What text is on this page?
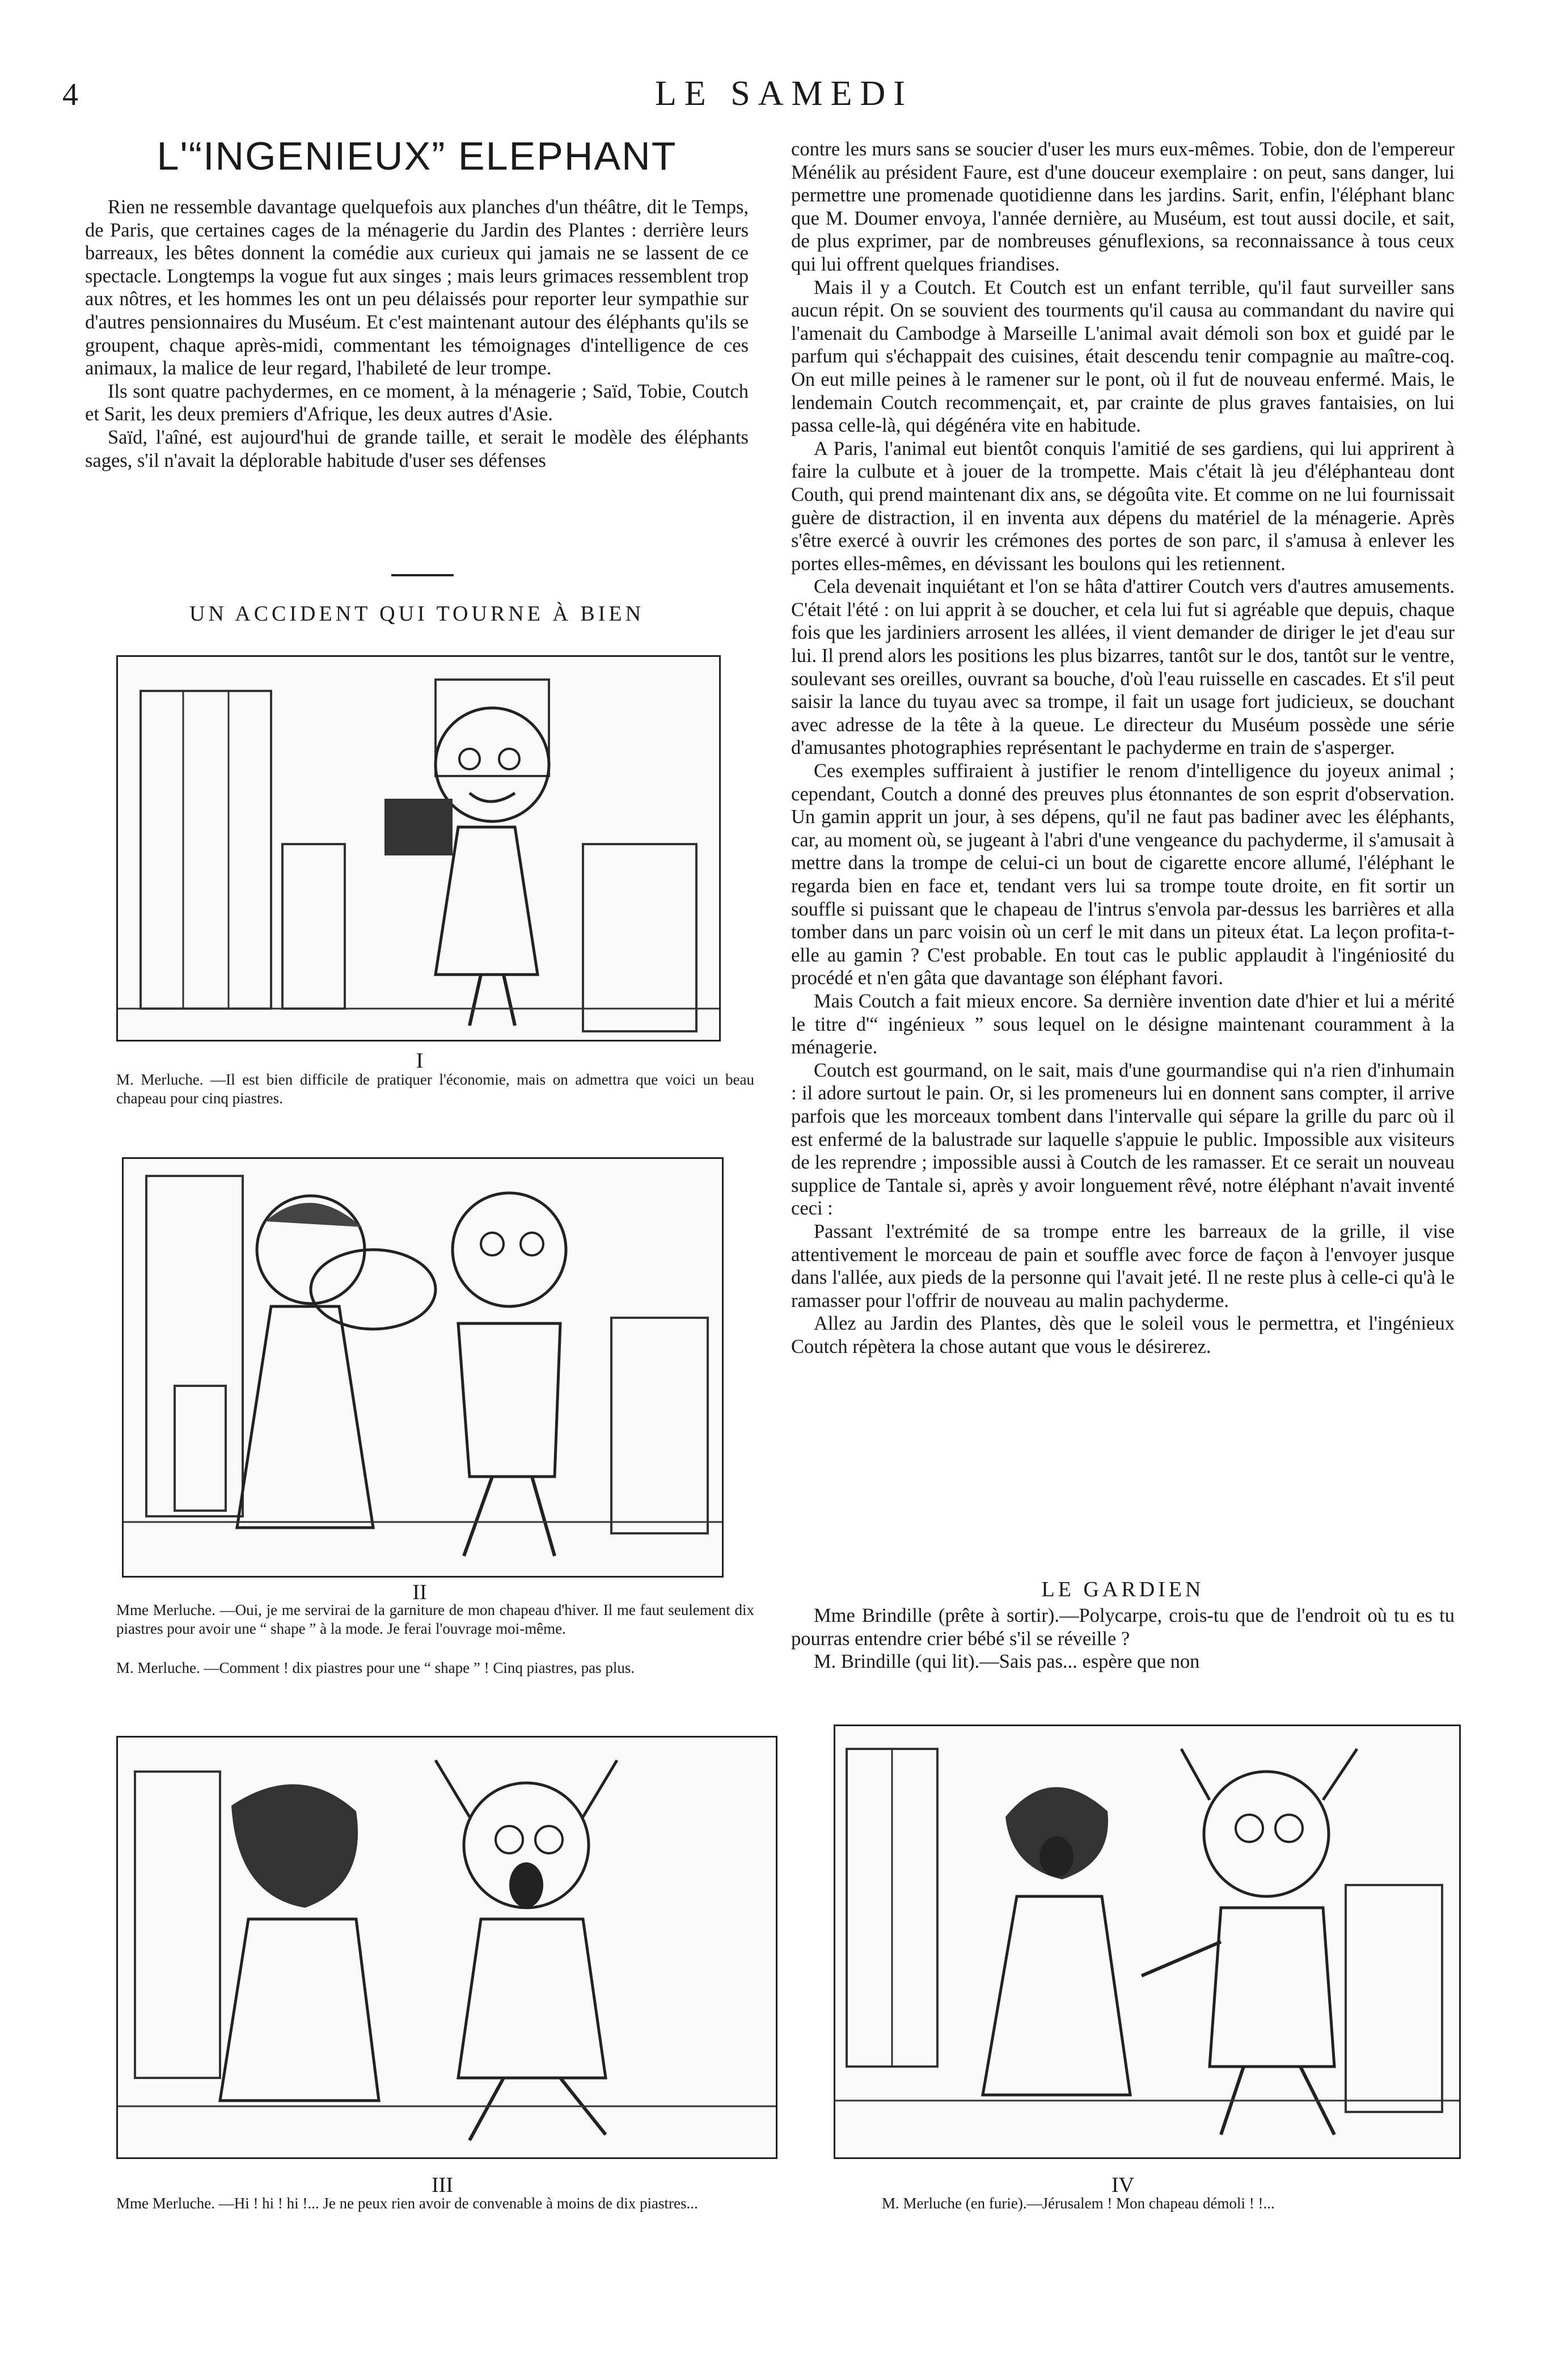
4	LE SAMEDI
L'“INGENIEUX” ELEPHANT

Rien ne ressemble davantage quelquefois aux planches d'un théâtre, dit le Temps, de Paris, que certaines cages de la ménagerie du Jardin des Plantes : derrière leurs barreaux, les bêtes donnent la comédie aux curieux qui jamais ne se lassent de ce spectacle. Longtemps la vogue fut aux singes ; mais leurs grimaces ressemblent trop aux nôtres, et les hommes les ont un peu délaissés pour reporter leur sympathie sur d'autres pensionnaires du Muséum. Et c'est maintenant autour des éléphants qu'ils se groupent, chaque après-midi, commentant les témoignages d'intelligence de ces animaux, la malice de leur regard, l'habileté de leur trompe.

Ils sont quatre pachydermes, en ce moment, à la ménagerie ; Saïd, Tobie, Coutch et Sarit, les deux premiers d'Afrique, les deux autres d'Asie.

Saïd, l'aîné, est aujourd'hui de grande taille, et serait le modèle des éléphants sages, s'il n'avait la déplorable habitude d'user ses défenses

UN ACCIDENT QUI TOURNE À BIEN
I
M. Merluche. —Il est bien difficile de pratiquer l'économie, mais on admettra que voici un beau chapeau pour cinq piastres.
II
Mme Merluche. —Oui, je me servirai de la garniture de mon chapeau d'hiver. Il me faut seulement dix piastres pour avoir une “ shape ” à la mode. Je ferai l'ouvrage moi-même.
M. Merluche. —Comment ! dix piastres pour une “ shape ” ! Cinq piastres, pas plus.
III
Mme Merluche. —Hi ! hi ! hi !... Je ne peux rien avoir de convenable à moins de dix piastres...

contre les murs sans se soucier d'user les murs eux-mêmes. Tobie, don de l'empereur Ménélik au président Faure, est d'une douceur exemplaire : on peut, sans danger, lui permettre une promenade quotidienne dans les jardins. Sarit, enfin, l'éléphant blanc que M. Doumer envoya, l'année dernière, au Muséum, est tout aussi docile, et sait, de plus exprimer, par de nombreuses génuflexions, sa reconnaissance à tous ceux qui lui offrent quelques friandises.

Mais il y a Coutch. Et Coutch est un enfant terrible, qu'il faut surveiller sans aucun répit. On se souvient des tourments qu'il causa au commandant du navire qui l'amenait du Cambodge à Marseille L'animal avait démoli son box et guidé par le parfum qui s'échappait des cuisines, était descendu tenir compagnie au maître-coq. On eut mille peines à le ramener sur le pont, où il fut de nouveau enfermé. Mais, le lendemain Coutch recommençait, et, par crainte de plus graves fantaisies, on lui passa celle-là, qui dégénéra vite en habitude.

A Paris, l'animal eut bientôt conquis l'amitié de ses gardiens, qui lui apprirent à faire la culbute et à jouer de la trompette. Mais c'était là jeu d'éléphanteau dont Couth, qui prend maintenant dix ans, se dégoûta vite. Et comme on ne lui fournissait guère de distraction, il en inventa aux dépens du matériel de la ménagerie. Après s'être exercé à ouvrir les crémones des portes de son parc, il s'amusa à enlever les portes elles-mêmes, en dévissant les boulons qui les retiennent.

Cela devenait inquiétant et l'on se hâta d'attirer Coutch vers d'autres amusements. C'était l'été : on lui apprit à se doucher, et cela lui fut si agréable que depuis, chaque fois que les jardiniers arrosent les allées, il vient demander de diriger le jet d'eau sur lui. Il prend alors les positions les plus bizarres, tantôt sur le dos, tantôt sur le ventre, soulevant ses oreilles, ouvrant sa bouche, d'où l'eau ruisselle en cascades. Et s'il peut saisir la lance du tuyau avec sa trompe, il fait un usage fort judicieux, se douchant avec adresse de la tête à la queue. Le directeur du Muséum possède une série d'amusantes photographies représentant le pachyderme en train de s'asperger.

Ces exemples suffiraient à justifier le renom d'intelligence du joyeux animal ; cependant, Coutch a donné des preuves plus étonnantes de son esprit d'observation. Un gamin apprit un jour, à ses dépens, qu'il ne faut pas badiner avec les éléphants, car, au moment où, se jugeant à l'abri d'une vengeance du pachyderme, il s'amusait à mettre dans la trompe de celui-ci un bout de cigarette encore allumé, l'éléphant le regarda bien en face et, tendant vers lui sa trompe toute droite, en fit sortir un souffle si puissant que le chapeau de l'intrus s'envola par-dessus les barrières et alla tomber dans un parc voisin où un cerf le mit dans un piteux état. La leçon profita-t-elle au gamin ? C'est probable. En tout cas le public applaudit à l'ingéniosité du procédé et n'en gâta que davantage son éléphant favori.

Mais Coutch a fait mieux encore. Sa dernière invention date d'hier et lui a mérité le titre d'“ ingénieux ” sous lequel on le désigne maintenant couramment à la ménagerie.

Coutch est gourmand, on le sait, mais d'une gourmandise qui n'a rien d'inhumain : il adore surtout le pain. Or, si les promeneurs lui en donnent sans compter, il arrive parfois que les morceaux tombent dans l'intervalle qui sépare la grille du parc où il est enfermé de la balustrade sur laquelle s'appuie le public. Impossible aux visiteurs de les reprendre ; impossible aussi à Coutch de les ramasser. Et ce serait un nouveau supplice de Tantale si, après y avoir longuement rêvé, notre éléphant n'avait inventé ceci :

Passant l'extrémité de sa trompe entre les barreaux de la grille, il vise attentivement le morceau de pain et souffle avec force de façon à l'envoyer jusque dans l'allée, aux pieds de la personne qui l'avait jeté. Il ne reste plus à celle-ci qu'à le ramasser pour l'offrir de nouveau au malin pachyderme.

Allez au Jardin des Plantes, dès que le soleil vous le permettra, et l'ingénieux Coutch répètera la chose autant que vous le désirerez.

LE GARDIEN

Mme Brindille (prête à sortir).—Polycarpe, crois-tu que de l'endroit où tu es tu pourras entendre crier bébé s'il se réveille ?

M. Brindille (qui lit).—Sais pas... espère que non

IV
M. Merluche (en furie).—Jérusalem ! Mon chapeau démoli ! !...
